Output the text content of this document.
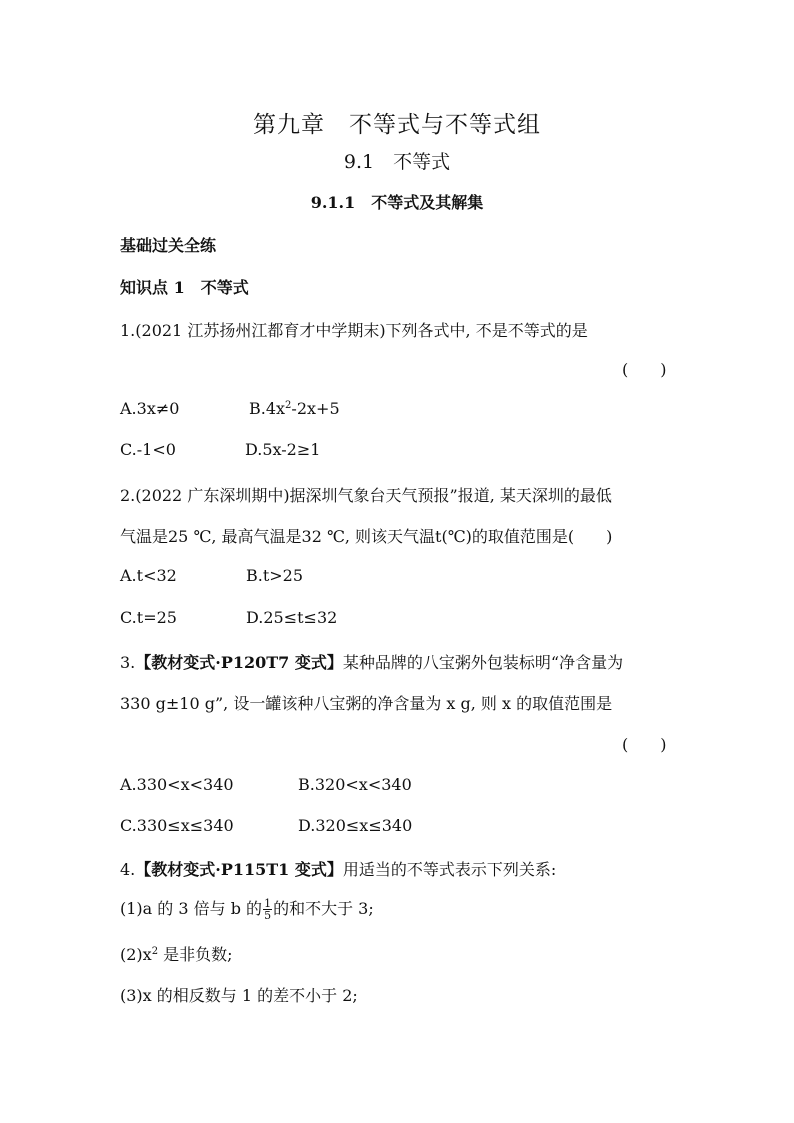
第九章　不等式与不等式组
9.1　不等式
9.1.1　不等式及其解集
基础过关全练
知识点 1　不等式
1.(2021 江苏扬州江都育才中学期末)下列各式中, 不是不等式的是
(　　)
A.3x≠0	$B.4x^2-2x+5$
C.-1<0	D.5x-2≥1
2.(2022 广东深圳期中)据深圳气象台天气预报”报道, 某天深圳的最低
气温是25 ℃, 最高气温是32 ℃, 则该天气温t(℃)的取值范围是(　　)
A.t<32	B.t>25
C.t=25	D.25≤t≤32
3.【教材变式·P120T7 变式】某种品牌的八宝粥外包装标明“净含量为
330 g±10 g”, 设一罐该种八宝粥的净含量为 x g, 则 x 的取值范围是
(　　)
A.330<x<340	B.320<x<340
C.330≤x≤340	D.320≤x≤340
4.【教材变式·P115T1 变式】用适当的不等式表示下列关系:
(1)a 的 3 倍与 b 的 $\frac{1}{5}$ 的和不大于 3;
$(2)x^2$ 是非负数;
(3)x 的相反数与 1 的差不小于 2;
